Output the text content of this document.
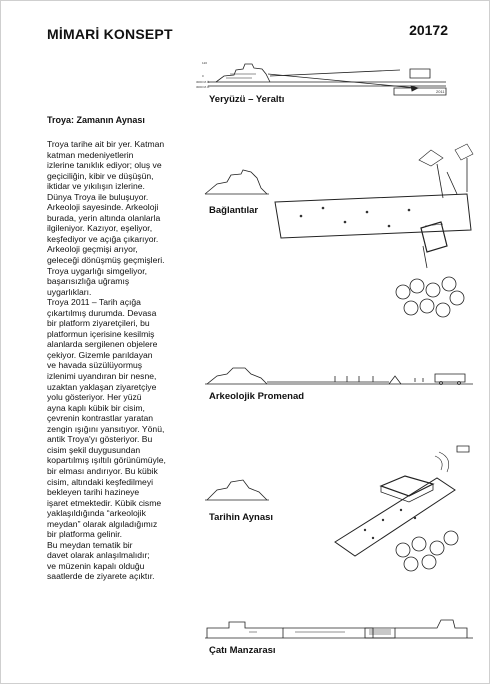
MİMARİ KONSEPT	20172
Troya: Zamanın Aynası
Troya tarihe ait bir yer. Katman
katman medeniyetlerin
izlerine tanıklık ediyor; oluş ve
geçiciliğin, kibir ve düşüşün,
iktidar ve yıkılışın izlerine.
Dünya Troya ile buluşuyor.
Arkeoloji sayesinde. Arkeoloji
burada, yerin altında olanlarla
ilgileniyor. Kazıyor, eşeliyor,
keşfediyor ve açığa çıkarıyor.
Arkeoloji geçmişi arıyor,
geleceği dönüşmüş geçmişleri.
Troya uygarlığı simgeliyor,
başarısızlığa uğramış
uygarlıkları.
Troya 2011 – Tarih açığa
çıkartılmış durumda. Devasa
bir platform ziyaretçileri, bu
platformun içerisine kesilmiş
alanlarda sergilenen objelere
çekiyor. Gizemle parıldayan
ve havada süzülüyormuş
izlenimi uyandıran bir nesne,
uzaktan yaklaşan ziyaretçiye
yolu gösteriyor. Her yüzü
ayna kaplı kübik bir cisim,
çevrenin kontrastlar yaratan
zengin ışığını yansıtıyor. Yönü,
antik Troya'yı gösteriyor. Bu
cisim şekil duygusundan
kopartılmış ışıltılı görünümüyle,
bir elması andırıyor. Bu kübik
cisim, altındaki keşfedilmeyi
bekleyen tarihi hazineye
işaret etmektedir. Kübik cisme
yaklaşıldığında “arkeolojik
meydan” olarak algıladığımız
bir platforma gelinir.
Bu meydan tematik bir
davet olarak anlaşılmalıdır;
ve müzenin kapalı olduğu
saatlerde de ziyarete açıktır.
120
0
3000 M.Ö.
3000 M.Ö.
2011
Yeryüzü – Yeraltı
Bağlantılar
Arkeolojik Promenad
Tarihin Aynası
Çatı Manzarası
